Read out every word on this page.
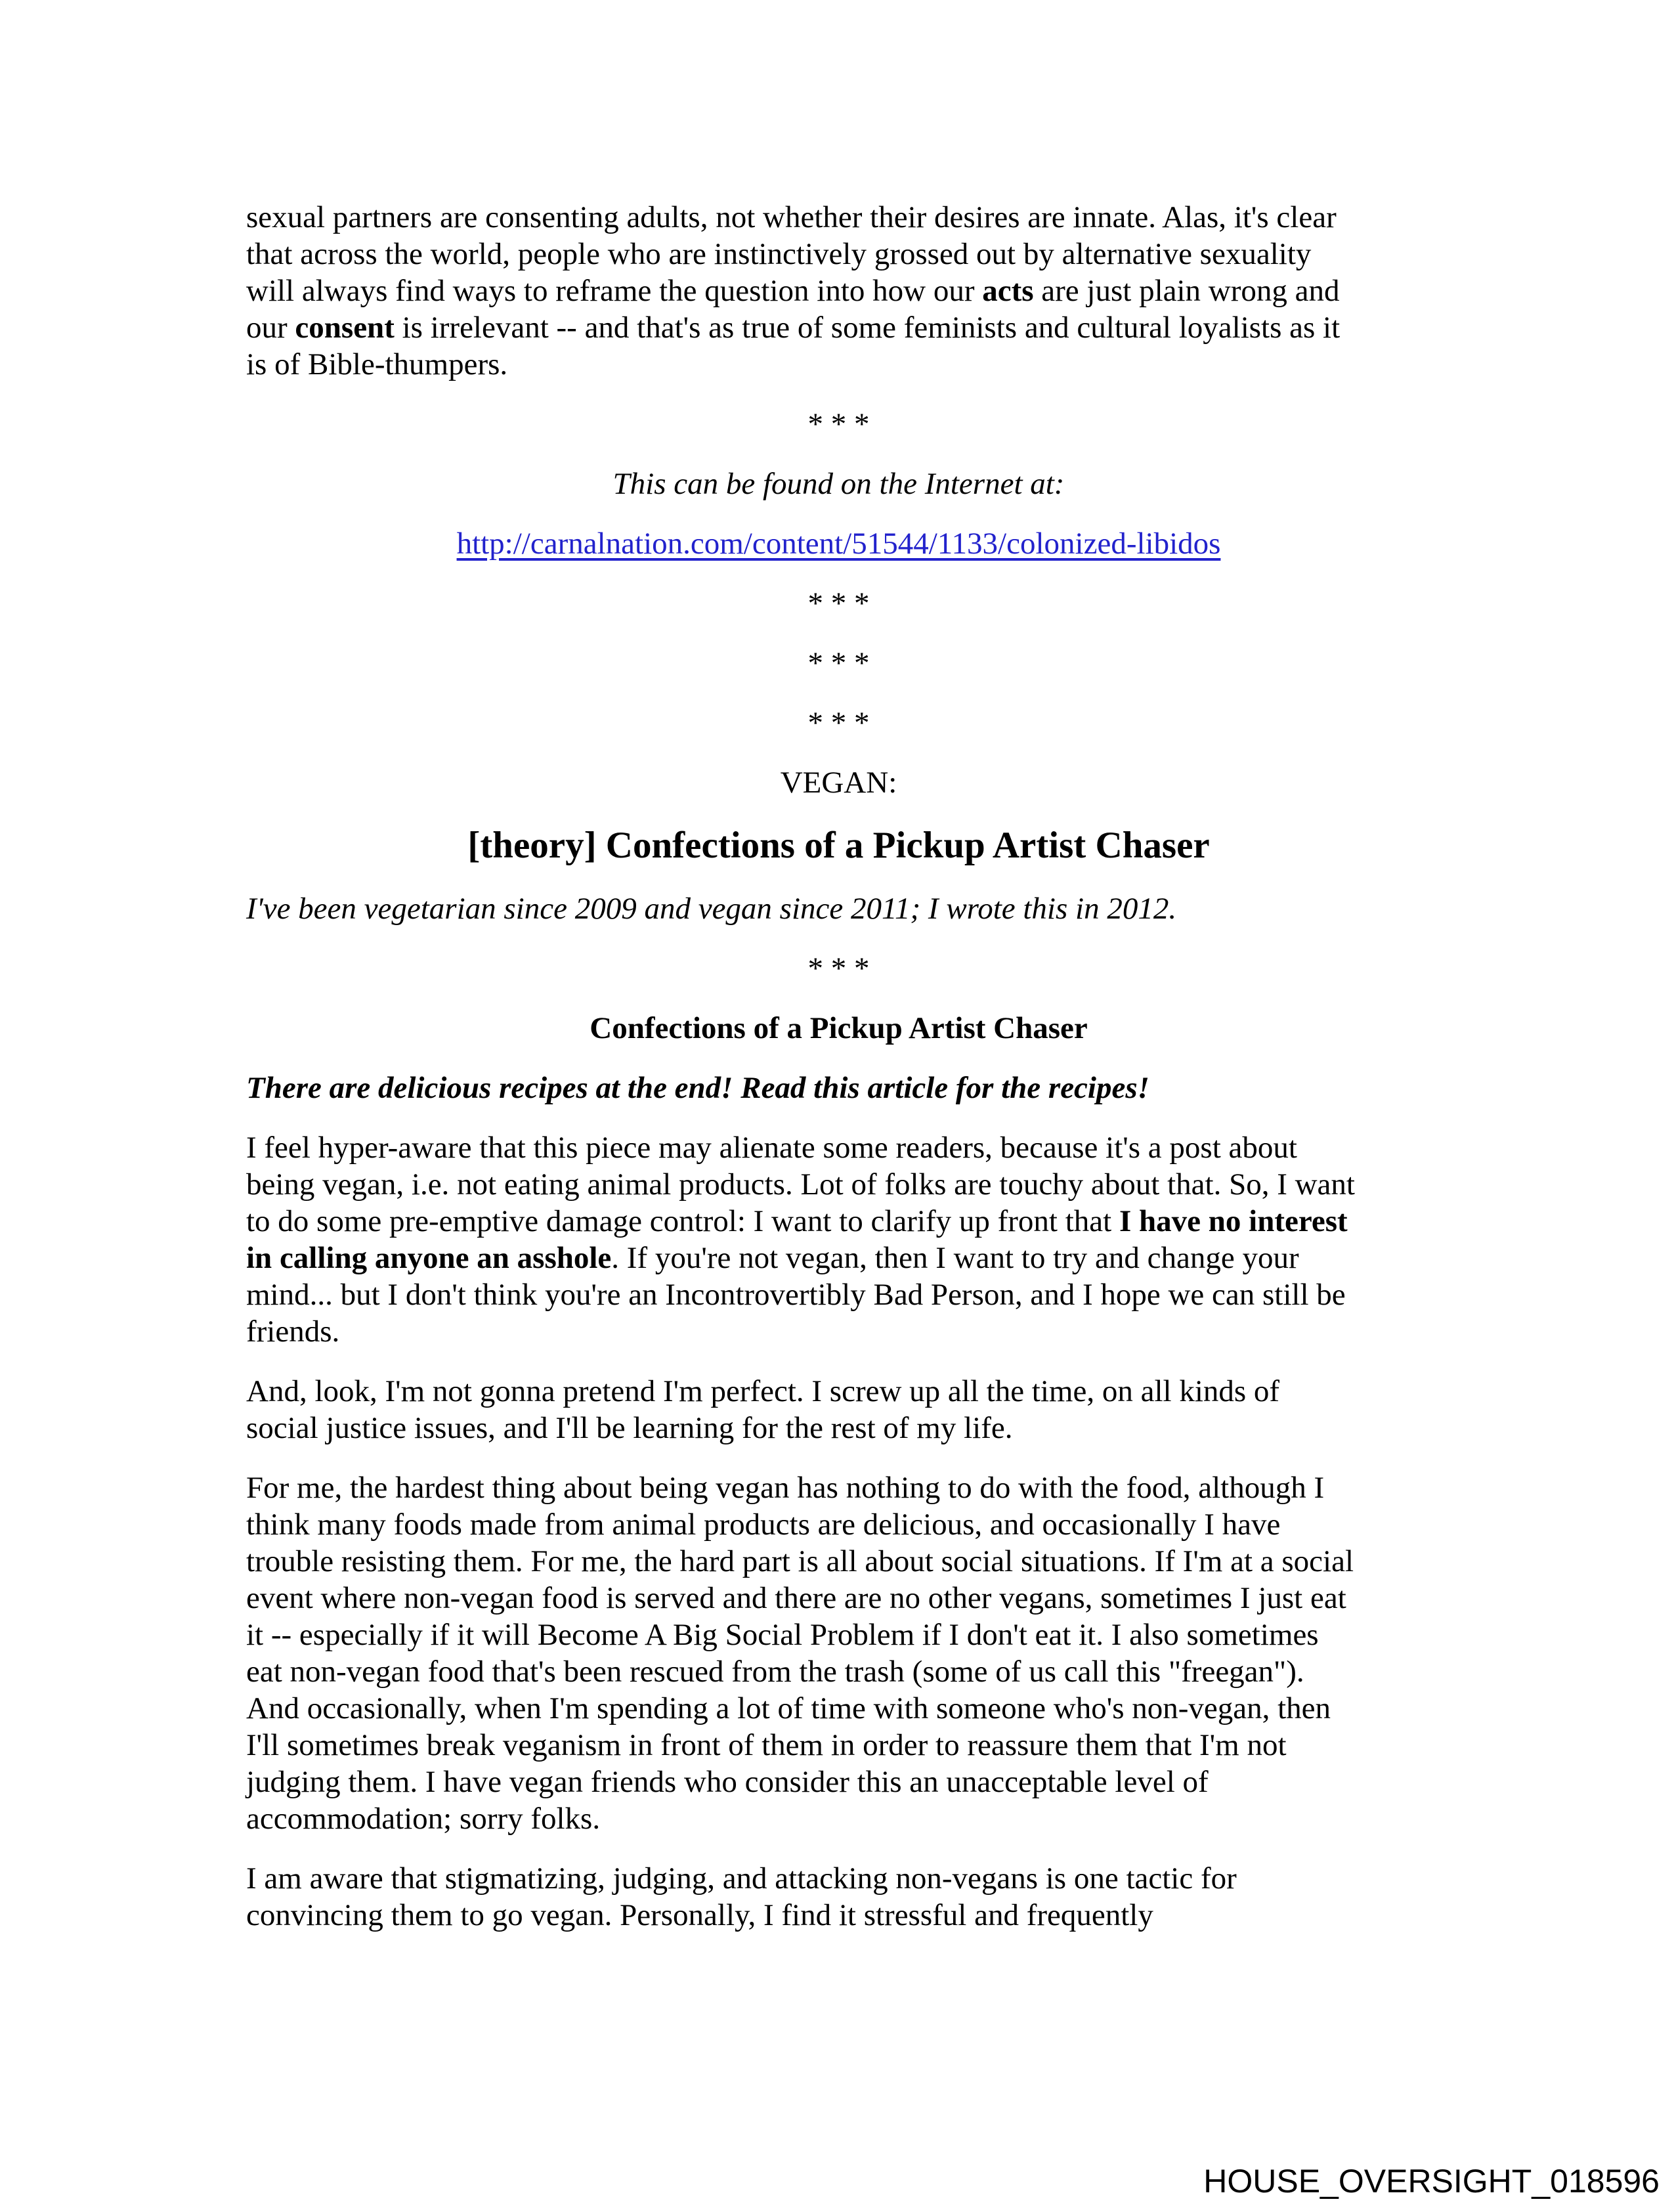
sexual partners are consenting adults, not whether their desires are innate. Alas, it's clear
that across the world, people who are instinctively grossed out by alternative sexuality
will always find ways to reframe the question into how our acts are just plain wrong and
our consent is irrelevant -- and that's as true of some feminists and cultural loyalists as it
is of Bible-thumpers.
* * *
This can be found on the Internet at:
http://carnalnation.com/content/51544/1133/colonized-libidos
* * *
* * *
* * *
VEGAN:
[theory] Confections of a Pickup Artist Chaser
I've been vegetarian since 2009 and vegan since 2011; I wrote this in 2012.
* * *
Confections of a Pickup Artist Chaser
There are delicious recipes at the end! Read this article for the recipes!
I feel hyper-aware that this piece may alienate some readers, because it's a post about
being vegan, i.e. not eating animal products. Lot of folks are touchy about that. So, I want
to do some pre-emptive damage control: I want to clarify up front that I have no interest
in calling anyone an asshole. If you're not vegan, then I want to try and change your
mind... but I don't think you're an Incontrovertibly Bad Person, and I hope we can still be
friends.
And, look, I'm not gonna pretend I'm perfect. I screw up all the time, on all kinds of
social justice issues, and I'll be learning for the rest of my life.
For me, the hardest thing about being vegan has nothing to do with the food, although I
think many foods made from animal products are delicious, and occasionally I have
trouble resisting them. For me, the hard part is all about social situations. If I'm at a social
event where non-vegan food is served and there are no other vegans, sometimes I just eat
it -- especially if it will Become A Big Social Problem if I don't eat it. I also sometimes
eat non-vegan food that's been rescued from the trash (some of us call this "freegan").
And occasionally, when I'm spending a lot of time with someone who's non-vegan, then
I'll sometimes break veganism in front of them in order to reassure them that I'm not
judging them. I have vegan friends who consider this an unacceptable level of
accommodation; sorry folks.
I am aware that stigmatizing, judging, and attacking non-vegans is one tactic for
convincing them to go vegan. Personally, I find it stressful and frequently
HOUSE_OVERSIGHT_018596
